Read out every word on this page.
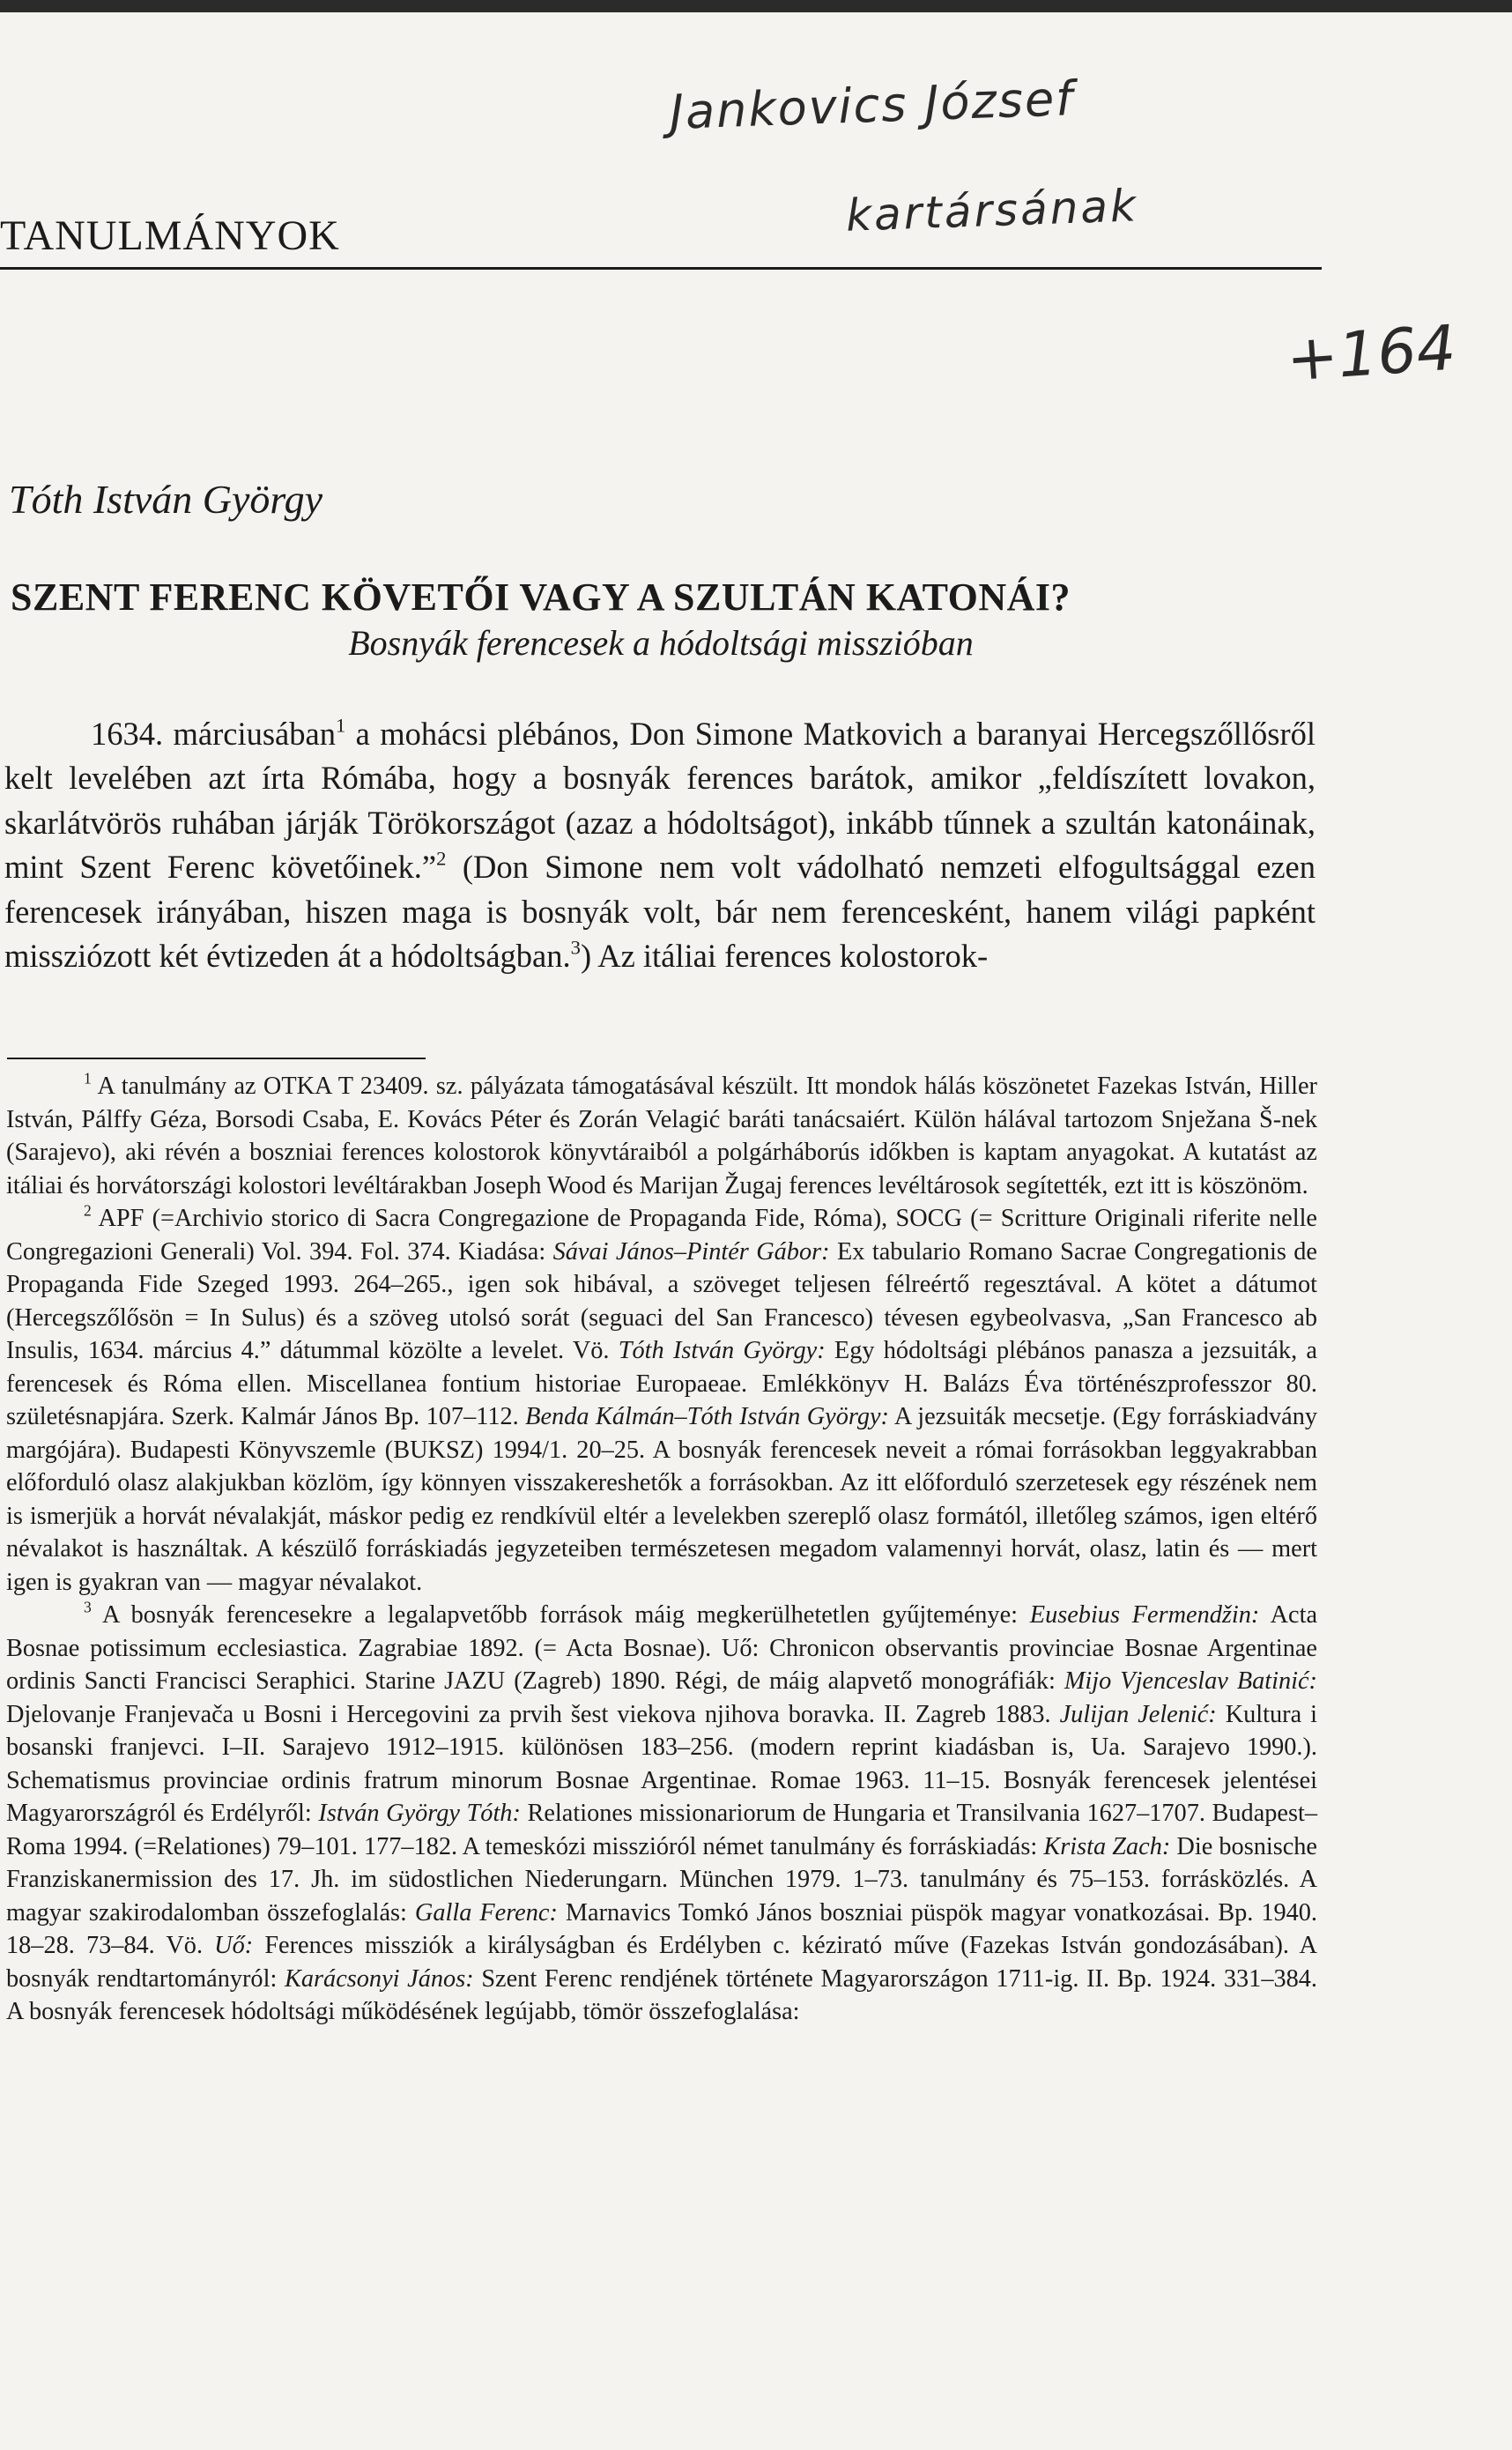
Jankovics József
kartársának
+164
TANULMÁNYOK
Tóth István György
SZENT FERENC KÖVETŐI VAGY A SZULTÁN KATONÁI?
Bosnyák ferencesek a hódoltsági misszióban

1634. márciusában$^1$ a mohácsi plébános, Don Simone Matkovich a baranyai Hercegszőllősről kelt levelében azt írta Rómába, hogy a bosnyák ferences barátok, amikor „feldíszített lovakon, skarlátvörös ruhában járják Törökországot (azaz a hódoltságot), inkább tűnnek a szultán katonáinak, mint Szent Ferenc követőinek.”$^2$ (Don Simone nem volt vádolható nemzeti elfogultsággal ezen ferencesek irányában, hiszen maga is bosnyák volt, bár nem ferencesként, hanem világi papként missziózott két évtizeden át a hódoltságban.$^3$) Az itáliai ferences kolostorok-

$^1$ A tanulmány az OTKA T 23409. sz. pályázata támogatásával készült. Itt mondok hálás köszönetet Fazekas István, Hiller István, Pálffy Géza, Borsodi Csaba, E. Kovács Péter és Zorán Velagić baráti tanácsaiért. Külön hálával tartozom Snježana Š-nek (Sarajevo), aki révén a boszniai ferences kolostorok könyvtáraiból a polgárháborús időkben is kaptam anyagokat. A kutatást az itáliai és horvátországi kolostori levéltárakban Joseph Wood és Marijan Žugaj ferences levéltárosok segítették, ezt itt is köszönöm.

$^2$ APF (=Archivio storico di Sacra Congregazione de Propaganda Fide, Róma), SOCG (= Scritture Originali riferite nelle Congregazioni Generali) Vol. 394. Fol. 374. Kiadása: Sávai János–Pintér Gábor: Ex tabulario Romano Sacrae Congregationis de Propaganda Fide Szeged 1993. 264–265., igen sok hibával, a szöveget teljesen félreértő regesztával. A kötet a dátumot (Hercegszőlősön = In Sulus) és a szöveg utolsó sorát (seguaci del San Francesco) tévesen egybeolvasva, „San Francesco ab Insulis, 1634. március 4.” dátummal közölte a levelet. Vö. Tóth István György: Egy hódoltsági plébános panasza a jezsuiták, a ferencesek és Róma ellen. Miscellanea fontium historiae Europaeae. Emlékkönyv H. Balázs Éva történészprofesszor 80. születésnapjára. Szerk. Kalmár János Bp. 107–112. Benda Kálmán–Tóth István György: A jezsuiták mecsetje. (Egy forráskiadvány margójára). Budapesti Könyvszemle (BUKSZ) 1994/1. 20–25. A bosnyák ferencesek neveit a római forrásokban leggyakrabban előforduló olasz alakjukban közlöm, így könnyen visszakereshetők a forrásokban. Az itt előforduló szerzetesek egy részének nem is ismerjük a horvát névalakját, máskor pedig ez rendkívül eltér a levelekben szereplő olasz formától, illetőleg számos, igen eltérő névalakot is használtak. A készülő forráskiadás jegyzeteiben természetesen megadom valamennyi horvát, olasz, latin és — mert igen is gyakran van — magyar névalakot.

$^3$ A bosnyák ferencesekre a legalapvetőbb források máig megkerülhetetlen gyűjteménye: Eusebius Fermendžin: Acta Bosnae potissimum ecclesiastica. Zagrabiae 1892. (= Acta Bosnae). Uő: Chronicon observantis provinciae Bosnae Argentinae ordinis Sancti Francisci Seraphici. Starine JAZU (Zagreb) 1890. Régi, de máig alapvető monográfiák: Mijo Vjenceslav Batinić: Djelovanje Franjevača u Bosni i Hercegovini za prvih šest viekova njihova boravka. II. Zagreb 1883. Julijan Jelenić: Kultura i bosanski franjevci. I–II. Sarajevo 1912–1915. különösen 183–256. (modern reprint kiadásban is, Ua. Sarajevo 1990.). Schematismus provinciae ordinis fratrum minorum Bosnae Argentinae. Romae 1963. 11–15. Bosnyák ferencesek jelentései Magyarországról és Erdélyről: István György Tóth: Relationes missionariorum de Hungaria et Transilvania 1627–1707. Budapest–Roma 1994. (=Relationes) 79–101. 177–182. A temeskózi misszióról német tanulmány és forráskiadás: Krista Zach: Die bosnische Franziskanermission des 17. Jh. im südostlichen Niederungarn. München 1979. 1–73. tanulmány és 75–153. forrásközlés. A magyar szakirodalomban összefoglalás: Galla Ferenc: Marnavics Tomkó János boszniai püspök magyar vonatkozásai. Bp. 1940. 18–28. 73–84. Vö. Uő: Ferences missziók a királyságban és Erdélyben c. kézirató műve (Fazekas István gondozásában). A bosnyák rendtartományról: Karácsonyi János: Szent Ferenc rendjének története Magyarországon 1711-ig. II. Bp. 1924. 331–384. A bosnyák ferencesek hódoltsági működésének legújabb, tömör összefoglalása:
